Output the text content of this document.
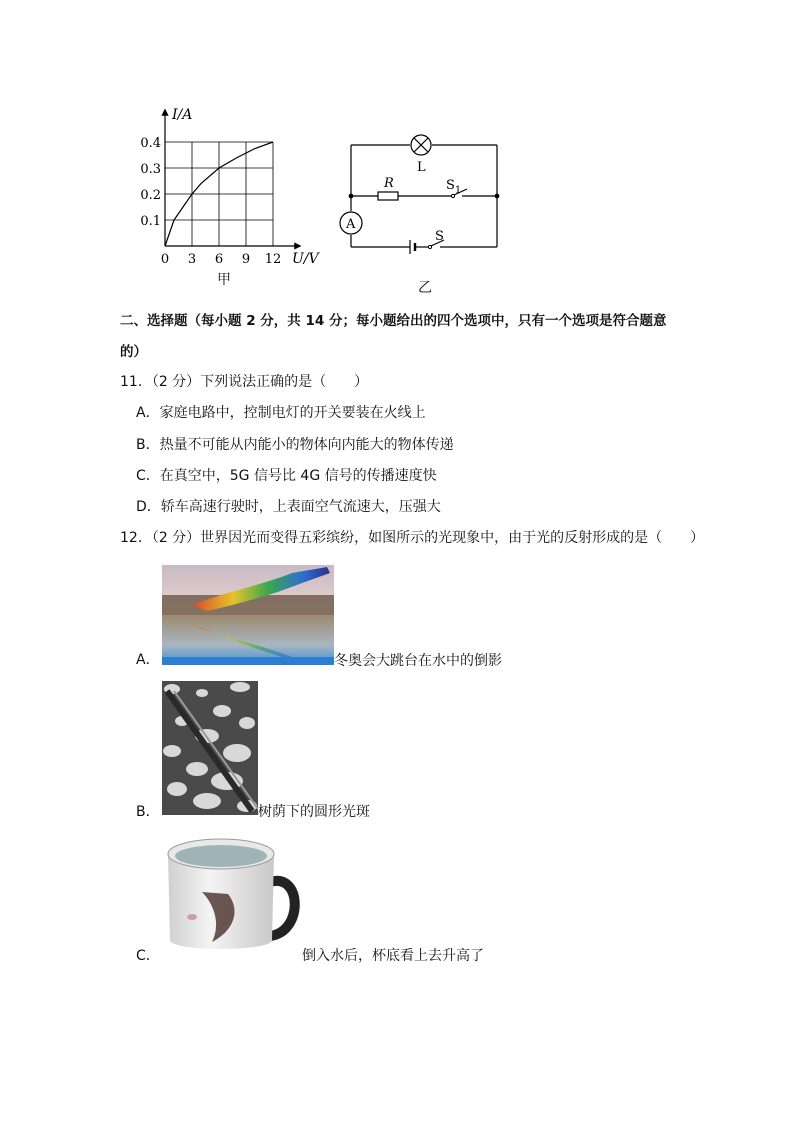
0 3 6 9 12
0.1
0.2
0.3
0.4
I/A
U/V
甲
L
R	$S_1$
A
S
乙
二、选择题（每小题 2 分，共 14 分；每小题给出的四个选项中，只有一个选项是符合题意
的）
11．（2 分）下列说法正确的是（　　）
A．家庭电路中，控制电灯的开关要装在火线上
B．热量不可能从内能小的物体向内能大的物体传递
C．在真空中，5G 信号比 4G 信号的传播速度快
D．轿车高速行驶时，上表面空气流速大，压强大
12．（2 分）世界因光而变得五彩缤纷，如图所示的光现象中，由于光的反射形成的是（　　）
A．	冬奥会大跳台在水中的倒影
B．	树荫下的圆形光斑
C．	倒入水后，杯底看上去升高了
